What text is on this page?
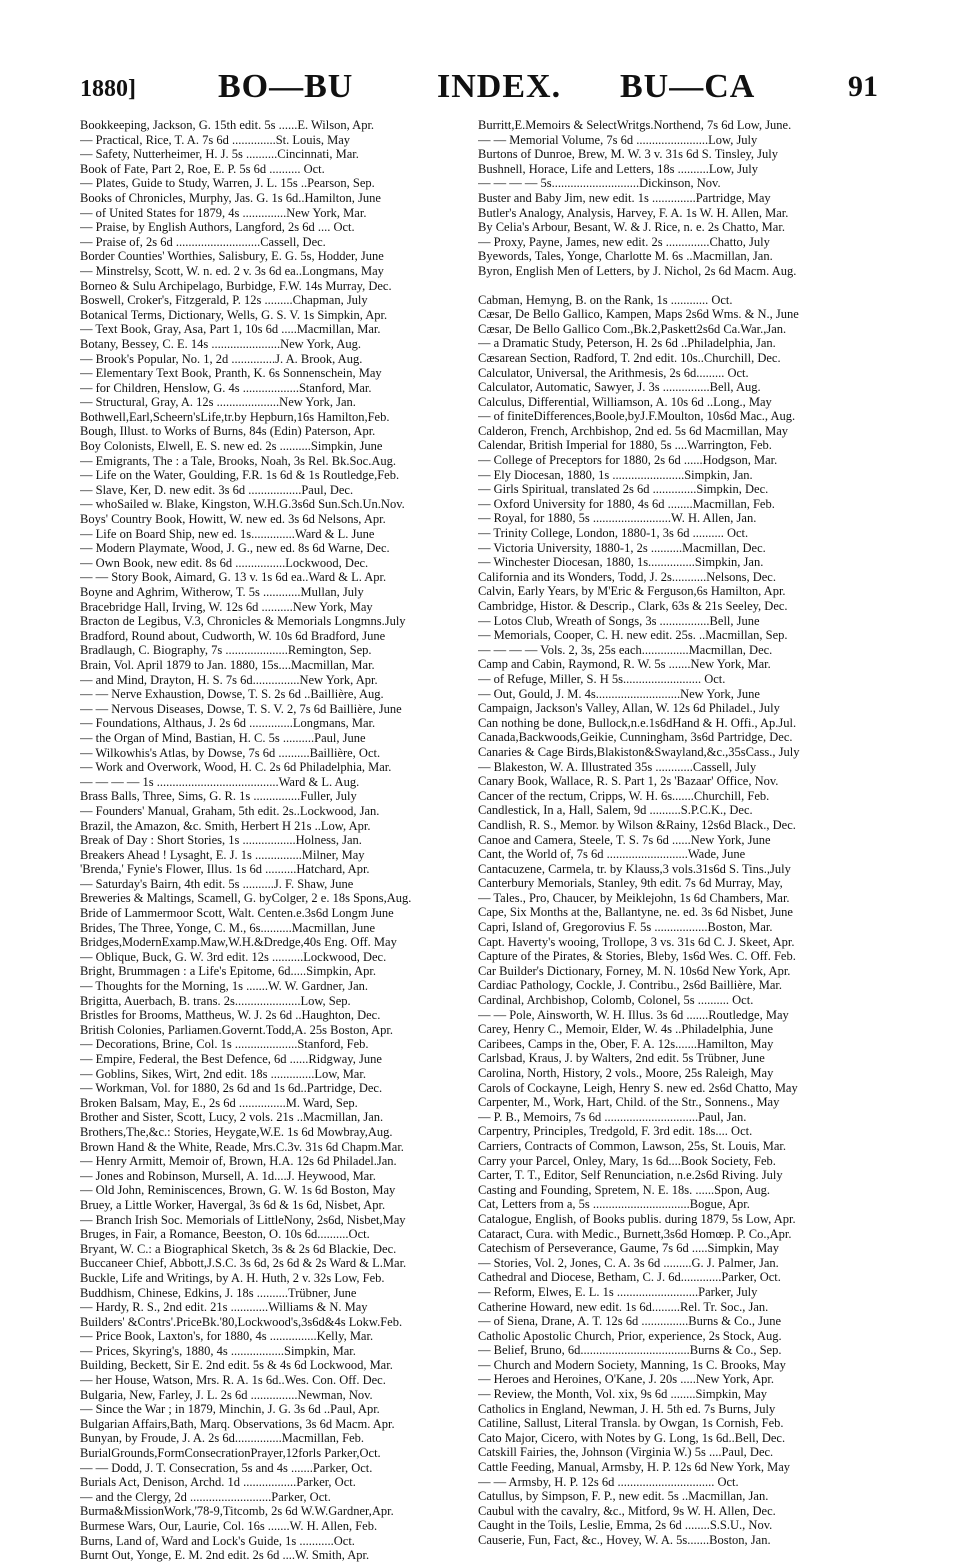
1880] BO—BU INDEX. BU—CA	91
Bookkeeping, Jackson, G. 15th edit. 5s ......E. Wilson, Apr.
— Practical, Rice, T. A. 7s 6d ..............St. Louis, May
— Safety, Nutterheimer, H. J. 5s ..........Cincinnati, Mar.
Book of Fate, Part 2, Roe, E. P. 5s 6d .......... Oct.
— Plates, Guide to Study, Warren, J. L. 15s ..Pearson, Sep.
Books of Chronicles, Murphy, Jas. G. 1s 6d..Hamilton, June
— of United States for 1879, 4s ..............New York, Mar.
— Praise, by English Authors, Langford, 2s 6d .... Oct.
— Praise of, 2s 6d ...........................Cassell, Dec.
Border Counties' Worthies, Salisbury, E. G. 5s, Hodder, June
— Minstrelsy, Scott, W. n. ed. 2 v. 3s 6d ea..Longmans, May
Borneo & Sulu Archipelago, Burbidge, F.W. 14s Murray, Dec.
Boswell, Croker's, Fitzgerald, P. 12s .........Chapman, July
Botanical Terms, Dictionary, Wells, G. S. V. 1s Simpkin, Apr.
— Text Book, Gray, Asa, Part 1, 10s 6d .....Macmillan, Mar.
Botany, Bessey, C. E. 14s ......................New York, Aug.
— Brook's Popular, No. 1, 2d ..............J. A. Brook, Aug.
— Elementary Text Book, Pranth, K. 6s Sonnenschein, May
— for Children, Henslow, G. 4s ..................Stanford, Mar.
— Structural, Gray, A. 12s ....................New York, Jan.
Bothwell,Earl,Scheern'sLife,tr.by Hepburn,16s Hamilton,Feb.
Bough, Illust. to Works of Burns, 84s (Edin) Paterson, Apr.
Boy Colonists, Elwell, E. S. new ed. 2s ..........Simpkin, June
— Emigrants, The : a Tale, Brooks, Noah, 3s Rel. Bk.Soc.Aug.
— Life on the Water, Goulding, F.R. 1s 6d & 1s Routledge,Feb.
— Slave, Ker, D. new edit. 3s 6d .................Paul, Dec.
— whoSailed w. Blake, Kingston, W.H.G.3s6d Sun.Sch.Un.Nov.
Boys' Country Book, Howitt, W. new ed. 3s 6d Nelsons, Apr.
— Life on Board Ship, new ed. 1s..............Ward & L. June
— Modern Playmate, Wood, J. G., new ed. 8s 6d Warne, Dec.
— Own Book, new edit. 8s 6d ................Lockwood, Dec.
— — Story Book, Aimard, G. 13 v. 1s 6d ea..Ward & L. Apr.
Boyne and Aghrim, Witherow, T. 5s ............Mullan, July
Bracebridge Hall, Irving, W. 12s 6d ..........New York, May
Bracton de Legibus, V.3, Chronicles & Memorials Longmns.July
Bradford, Round about, Cudworth, W. 10s 6d Bradford, June
Bradlaugh, C. Biography, 7s ....................Remington, Sep.
Brain, Vol. April 1879 to Jan. 1880, 15s....Macmillan, Mar.
— and Mind, Drayton, H. S. 7s 6d...............New York, Apr.
— — Nerve Exhaustion, Dowse, T. S. 2s 6d ..Baillière, Aug.
— — Nervous Diseases, Dowse, T. S. V. 2, 7s 6d Baillière, June
— Foundations, Althaus, J. 2s 6d ..............Longmans, Mar.
— the Organ of Mind, Bastian, H. C. 5s ..........Paul, June
— Wilkowhis's Atlas, by Dowse, 7s 6d ..........Baillière, Oct.
— Work and Overwork, Wood, H. C. 2s 6d Philadelphia, Mar.
— — — — 1s .......................................Ward & L. Aug.
Brass Balls, Three, Sims, G. R. 1s ...............Fuller, July
— Founders' Manual, Graham, 5th edit. 2s..Lockwood, Jan.
Brazil, the Amazon, &c. Smith, Herbert H 21s ..Low, Apr.
Break of Day : Short Stories, 1s .................Holness, Jan.
Breakers Ahead ! Lysaght, E. J. 1s ...............Milner, May
'Brenda,' Fynie's Flower, Illus. 1s 6d ..........Hatchard, Apr.
— Saturday's Bairn, 4th edit. 5s ..........J. F. Shaw, June
Breweries & Maltings, Scamell, G. byColger, 2 e. 18s Spons,Aug.
Bride of Lammermoor Scott, Walt. Centen.e.3s6d Longm June
Brides, The Three, Yonge, C. M., 6s..........Macmillan, June
Bridges,ModernExamp.Maw,W.H.&Dredge,40s Eng. Off. May
— Oblique, Buck, G. W. 3rd edit. 12s ..........Lockwood, Dec.
Bright, Brummagen : a Life's Epitome, 6d.....Simpkin, Apr.
— Thoughts for the Morning, 1s .......W. W. Gardner, Jan.
Brigitta, Auerbach, B. trans. 2s.....................Low, Sep.
Bristles for Brooms, Mattheus, W. J. 2s 6d ..Haughton, Dec.
British Colonies, Parliamen.Governt.Todd,A. 25s Boston, Apr.
— Decorations, Brine, Col. 1s ....................Stanford, Feb.
— Empire, Federal, the Best Defence, 6d ......Ridgway, June
— Goblins, Sikes, Wirt, 2nd edit. 18s ..............Low, Mar.
— Workman, Vol. for 1880, 2s 6d and 1s 6d..Partridge, Dec.
Broken Balsam, May, E., 2s 6d ...............M. Ward, Sep.
Brother and Sister, Scott, Lucy, 2 vols. 21s ..Macmillan, Jan.
Brothers,The,&c.: Stories, Heygate,W.E. 1s 6d Mowbray,Aug.
Brown Hand & the White, Reade, Mrs.C.3v. 31s 6d Chapm.Mar.
— Henry Armitt, Memoir of, Brown, H.A. 12s 6d Philadel.Jan.
— Jones and Robinson, Mursell, A. 1d....J. Heywood, Mar.
— Old John, Reminiscences, Brown, G. W. 1s 6d Boston, May
Bruey, a Little Worker, Havergal, 3s 6d & 1s 6d, Nisbet, Apr.
— Branch Irish Soc. Memorials of LittleNony, 2s6d, Nisbet,May
Bruges, in Fair, a Romance, Beeston, O. 10s 6d..........Oct.
Bryant, W. C.: a Biographical Sketch, 3s & 2s 6d Blackie, Dec.
Buccaneer Chief, Abbott,J.S.C. 3s 6d, 2s 6d & 2s Ward & L.Mar.
Buckle, Life and Writings, by A. H. Huth, 2 v. 32s Low, Feb.
Buddhism, Chinese, Edkins, J. 18s ..........Trübner, June
— Hardy, R. S., 2nd edit. 21s ............Williams & N. May
Builders' &Contrs'.PriceBk.'80,Lockwood's,3s6d&4s Lokw.Feb.
— Price Book, Laxton's, for 1880, 4s ...............Kelly, Mar.
— Prices, Skyring's, 1880, 4s .................Simpkin, Mar.
Building, Beckett, Sir E. 2nd edit. 5s & 4s 6d Lockwood, Mar.
— her House, Watson, Mrs. R. A. 1s 6d..Wes. Con. Off. Dec.
Bulgaria, New, Farley, J. L. 2s 6d ...............Newman, Nov.
— Since the War ; in 1879, Minchin, J. G. 3s 6d ..Paul, Apr.
Bulgarian Affairs,Bath, Marq. Observations, 3s 6d Macm. Apr.
Bunyan, by Froude, J. A. 2s 6d...............Macmillan, Feb.
BurialGrounds,FormConsecrationPrayer,12forls Parker,Oct.
— — Dodd, J. T. Consecration, 5s and 4s .......Parker, Oct.
Burials Act, Denison, Archd. 1d .................Parker, Oct.
— and the Clergy, 2d ..........................Parker, Oct.
Burma&MissionWork,'78-9,Titcomb, 2s 6d W.W.Gardner,Apr.
Burmese Wars, Our, Laurie, Col. 16s .......W. H. Allen, Feb.
Burns, Land of, Ward and Lock's Guide, 1s ...........Oct.
Burnt Out, Yonge, E. M. 2nd edit. 2s 6d ....W. Smith, Apr.
Burritt,E.Memoirs & SelectWritgs.Northend, 7s 6d Low, June.
— — Memorial Volume, 7s 6d .......................Low, July
Burtons of Dunroe, Brew, M. W. 3 v. 31s 6d S. Tinsley, July
Bushnell, Horace, Life and Letters, 18s ..........Low, July
— — — — 5s............................Dickinson, Nov.
Buster and Baby Jim, new edit. 1s ..............Partridge, May
Butler's Analogy, Analysis, Harvey, F. A. 1s W. H. Allen, Mar.
By Celia's Arbour, Besant, W. & J. Rice, n. e. 2s Chatto, Mar.
— Proxy, Payne, James, new edit. 2s ..............Chatto, July
Byewords, Tales, Yonge, Charlotte M. 6s ..Macmillan, Jan.
Byron, English Men of Letters, by J. Nichol, 2s 6d Macm. Aug.
Cabman, Hemyng, B. on the Rank, 1s ............ Oct.
Cæsar, De Bello Gallico, Kampen, Maps 2s6d Wms. & N., June
Cæsar, De Bello Gallico Com.,Bk.2,Paskett2s6d Ca.War.,Jan.
— a Dramatic Study, Peterson, H. 2s 6d ..Philadelphia, Jan.
Cæsarean Section, Radford, T. 2nd edit. 10s..Churchill, Dec.
Calculator, Universal, the Arithmesis, 2s 6d......... Oct.
Calculator, Automatic, Sawyer, J. 3s ...............Bell, Aug.
Calculus, Differential, Williamson, A. 10s 6d ..Long., May
— of finiteDifferences,Boole,byJ.F.Moulton, 10s6d Mac., Aug.
Calderon, French, Archbishop, 2nd ed. 5s 6d Macmillan, May
Calendar, British Imperial for 1880, 5s ....Warrington, Feb.
— College of Preceptors for 1880, 2s 6d ......Hodgson, Mar.
— Ely Diocesan, 1880, 1s .......................Simpkin, Jan.
— Girls Spiritual, translated 2s 6d ..............Simpkin, Dec.
— Oxford University for 1880, 4s 6d ........Macmillan, Feb.
— Royal, for 1880, 5s .........................W. H. Allen, Jan.
— Trinity College, London, 1880-1, 3s 6d .......... Oct.
— Victoria University, 1880-1, 2s ..........Macmillan, Dec.
— Winchester Diocesan, 1880, 1s...............Simpkin, Jan.
California and its Wonders, Todd, J. 2s...........Nelsons, Dec.
Calvin, Early Years, by M'Eric & Ferguson,6s Hamilton, Apr.
Cambridge, Histor. & Descrip., Clark, 63s & 21s Seeley, Dec.
— Lotos Club, Wreath of Songs, 3s ................Bell, June
— Memorials, Cooper, C. H. new edit. 25s. ..Macmillan, Sep.
— — — — Vols. 2, 3s, 25s each...............Macmillan, Dec.
Camp and Cabin, Raymond, R. W. 5s .......New York, Mar.
— of Refuge, Miller, S. H 5s......................... Oct.
— Out, Gould, J. M. 4s...........................New York, June
Campaign, Jackson's Valley, Allan, W. 12s 6d Philadel., July
Can nothing be done, Bullock,n.e.1s6dHand & H. Offi., Ap.Jul.
Canada,Backwoods,Geikie, Cunningham, 3s6d Partridge, Dec.
Canaries & Cage Birds,Blakiston&Swayland,&c.,35sCass., July
— Blakeston, W. A. Illustrated 35s ............Cassell, July
Canary Book, Wallace, R. S. Part 1, 2s 'Bazaar' Office, Nov.
Cancer of the rectum, Cripps, W. H. 6s.......Churchill, Feb.
Candlestick, In a, Hall, Salem, 9d ..........S.P.C.K., Dec.
Candlish, R. S., Memor. by Wilson &Rainy, 12s6d Black., Dec.
Canoe and Camera, Steele, T. S. 7s 6d ......New York, June
Cant, the World of, 7s 6d ..........................Wade, June
Cantacuzene, Carmela, tr. by Klauss,3 vols.31s6d S. Tins.,July
Canterbury Memorials, Stanley, 9th edit. 7s 6d Murray, May,
— Tales., Pro, Chaucer, by Meiklejohn, 1s 6d Chambers, Mar.
Cape, Six Months at the, Ballantyne, ne. ed. 3s 6d Nisbet, June
Capri, Island of, Gregorovius F. 5s .................Boston, Mar.
Capt. Haverty's wooing, Trollope, 3 vs. 31s 6d C. J. Skeet, Apr.
Capture of the Pirates, & Stories, Bleby, 1s6d Wes. C. Off. Feb.
Car Builder's Dictionary, Forney, M. N. 10s6d New York, Apr.
Cardiac Pathology, Cockle, J. Contribu., 2s6d Baillière, Mar.
Cardinal, Archbishop, Colomb, Colonel, 5s .......... Oct.
— — Pole, Ainsworth, W. H. Illus. 3s 6d .......Routledge, May
Carey, Henry C., Memoir, Elder, W. 4s ..Philadelphia, June
Caribees, Camps in the, Ober, F. A. 12s.......Hamilton, May
Carlsbad, Kraus, J. by Walters, 2nd edit. 5s Trübner, June
Carolina, North, History, 2 vols., Moore, 25s Raleigh, May
Carols of Cockayne, Leigh, Henry S. new ed. 2s6d Chatto, May
Carpenter, M., Work, Hart, Child. of the Str., Sonnens., May
— P. B., Memoirs, 7s 6d ..............................Paul, Jan.
Carpentry, Principles, Tredgold, F. 3rd edit. 18s.... Oct.
Carriers, Contracts of Common, Lawson, 25s, St. Louis, Mar.
Carry your Parcel, Onley, Mary, 1s 6d....Book Society, Feb.
Carter, T. T., Editor, Self Renunciation, n.e.2s6d Riving. July
Casting and Founding, Spretem, N. E. 18s. ......Spon, Aug.
Cat, Letters from a, 5s ...............................Bogue, Apr.
Catalogue, English, of Books publis. during 1879, 5s Low, Apr.
Cataract, Cura. with Medic., Burnett,3s6d Homœp. P. Co.,Apr.
Catechism of Perseverance, Gaume, 7s 6d .....Simpkin, May
— Stories, Vol. 2, Jones, C. A. 3s 6d .........G. J. Palmer, Jan.
Cathedral and Diocese, Betham, C. J. 6d.............Parker, Oct.
— Reform, Elwes, E. L. 1s ..........................Parker, July
Catherine Howard, new edit. 1s 6d.........Rel. Tr. Soc., Jan.
— of Siena, Drane, A. T. 12s 6d ...............Burns & Co., June
Catholic Apostolic Church, Prior, experience, 2s Stock, Aug.
— Belief, Bruno, 6d...................................Burns & Co., Sep.
— Church and Modern Society, Manning, 1s C. Brooks, May
— Heroes and Heroines, O'Kane, J. 20s .....New York, Apr.
— Review, the Month, Vol. xix, 9s 6d ........Simpkin, May
Catholics in England, Newman, J. H. 5th ed. 7s Burns, July
Catiline, Sallust, Literal Transla. by Owgan, 1s Cornish, Feb.
Cato Major, Cicero, with Notes by G. Long, 1s 6d..Bell, Dec.
Catskill Fairies, the, Johnson (Virginia W.) 5s ....Paul, Dec.
Cattle Feeding, Manual, Armsby, H. P. 12s 6d New York, May
— — Armsby, H. P. 12s 6d ............................... Oct.
Catullus, by Simpson, F. P., new edit. 5s ..Macmillan, Jan.
Caubul with the cavalry, &c., Mitford, 9s W. H. Allen, Dec.
Caught in the Toils, Leslie, Emma, 2s 6d ........S.S.U., Nov.
Causerie, Fun, Fact, &c., Hovey, W. A. 5s.......Boston, Jan.
